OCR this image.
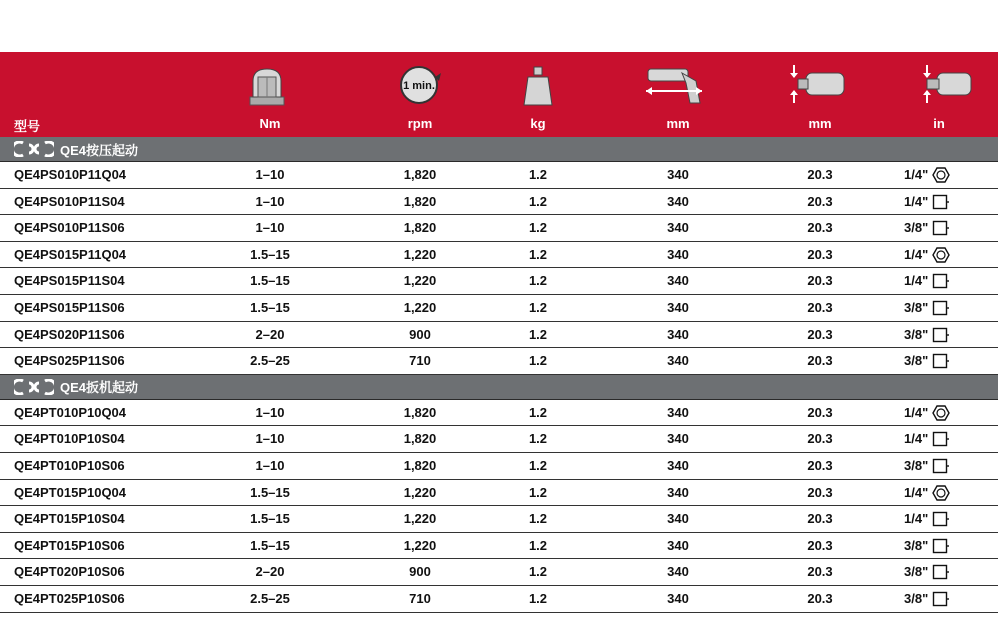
1 min.
型号	Nm	rpm	kg	mm	mm	in
QE4按压起动
QE4PS010P11Q04	1–10	1,820	1.2	340	20.3	1/4"
QE4PS010P11S04	1–10	1,820	1.2	340	20.3	1/4"
QE4PS010P11S06	1–10	1,820	1.2	340	20.3	3/8"
QE4PS015P11Q04	1.5–15	1,220	1.2	340	20.3	1/4"
QE4PS015P11S04	1.5–15	1,220	1.2	340	20.3	1/4"
QE4PS015P11S06	1.5–15	1,220	1.2	340	20.3	3/8"
QE4PS020P11S06	2–20	900	1.2	340	20.3	3/8"
QE4PS025P11S06	2.5–25	710	1.2	340	20.3	3/8"
QE4扳机起动
QE4PT010P10Q04	1–10	1,820	1.2	340	20.3	1/4"
QE4PT010P10S04	1–10	1,820	1.2	340	20.3	1/4"
QE4PT010P10S06	1–10	1,820	1.2	340	20.3	3/8"
QE4PT015P10Q04	1.5–15	1,220	1.2	340	20.3	1/4"
QE4PT015P10S04	1.5–15	1,220	1.2	340	20.3	1/4"
QE4PT015P10S06	1.5–15	1,220	1.2	340	20.3	3/8"
QE4PT020P10S06	2–20	900	1.2	340	20.3	3/8"
QE4PT025P10S06	2.5–25	710	1.2	340	20.3	3/8"
